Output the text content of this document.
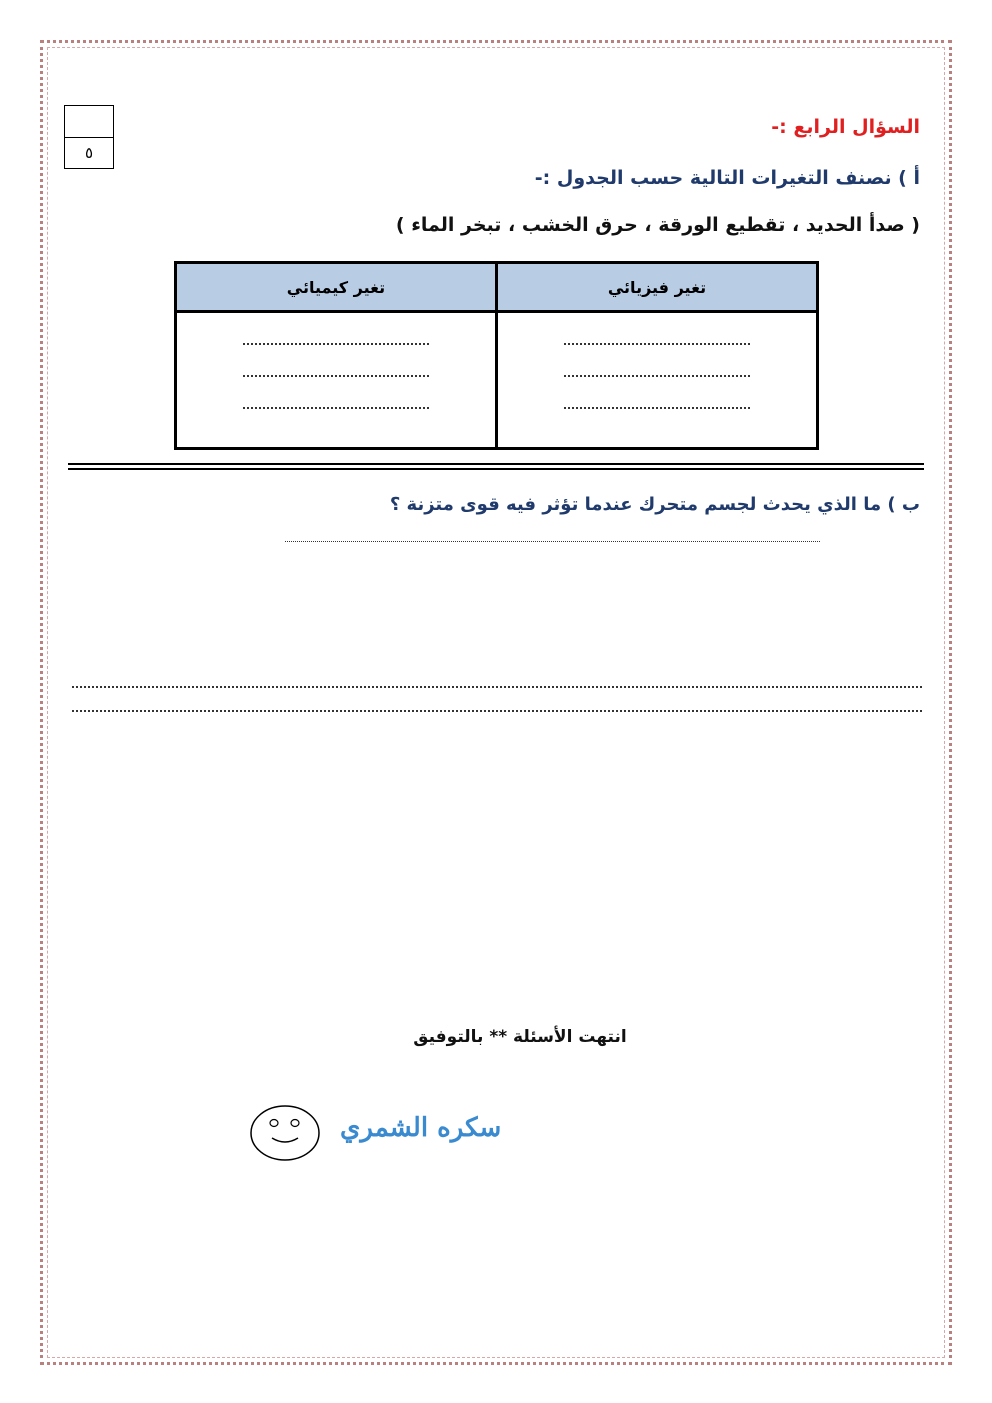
٥
السؤال الرابع :-
أ ) نصنف التغيرات التالية حسب الجدول :-
( صدأ الحديد ، تقطيع الورقة ، حرق الخشب ، تبخر الماء )
تغير فيزيائي	تغير كيميائي

ب ) ما الذي يحدث لجسم متحرك عندما تؤثر فيه قوى متزنة ؟
انتهت الأسئلة ** بالتوفيق
سكره الشمري
